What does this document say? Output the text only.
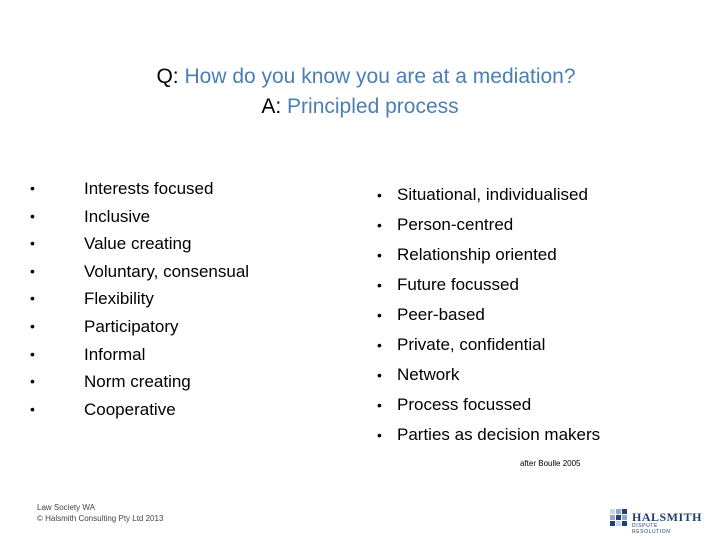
Q: How do you know you are at a mediation?
A: Principled process
•	Interests focused
•	Inclusive
•	Value creating
•	Voluntary, consensual
•	Flexibility
•	Participatory
•	Informal
•	Norm creating
•	Cooperative
• Situational, individualised
• Person-centred
• Relationship oriented
• Future focussed
• Peer-based
• Private, confidential
• Network
• Process focussed
• Parties as decision makers
after Boulle 2005
Law Society WA
© Halsmith Consulting Pty Ltd 2013	HALSMITH
DISPUTE RESOLUTION
